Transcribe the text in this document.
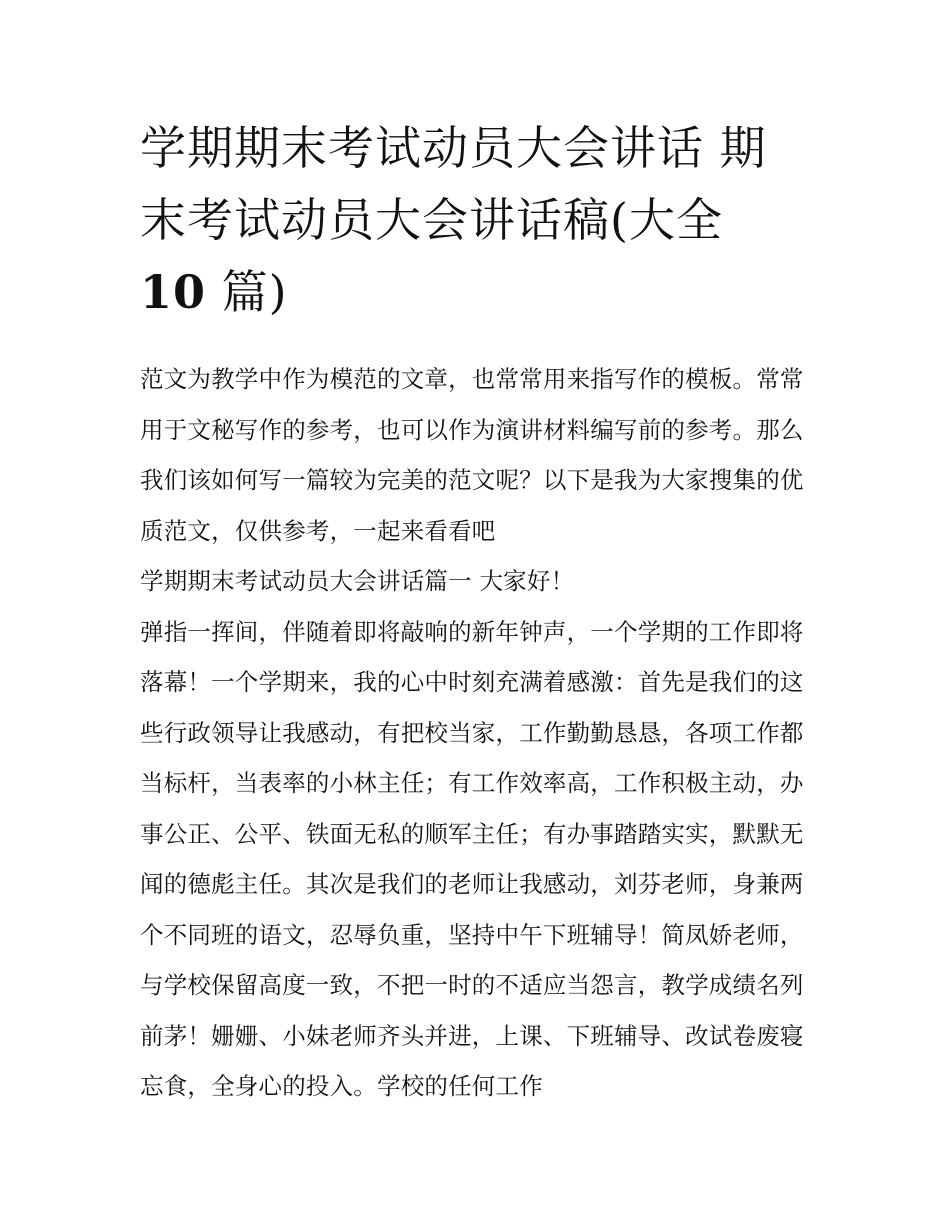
学期期末考试动员大会讲话 期
末考试动员大会讲话稿(大全
10 篇)

范文为教学中作为模范的文章，也常常用来指写作的模板。常常用于文秘写作的参考，也可以作为演讲材料编写前的参考。那么我们该如何写一篇较为完美的范文呢？以下是我为大家搜集的优质范文，仅供参考，一起来看看吧

学期期末考试动员大会讲话篇一 大家好！

弹指一挥间，伴随着即将敲响的新年钟声，一个学期的工作即将落幕！一个学期来，我的心中时刻充满着感激：首先是我们的这些行政领导让我感动，有把校当家，工作勤勤恳恳，各项工作都当标杆，当表率的小林主任；有工作效率高，工作积极主动，办事公正、公平、铁面无私的顺军主任；有办事踏踏实实，默默无闻的德彪主任。其次是我们的老师让我感动，刘芬老师，身兼两个不同班的语文，忍辱负重，坚持中午下班辅导！简凤娇老师，与学校保留高度一致，不把一时的不适应当怨言，教学成绩名列前茅！姗姗、小妹老师齐头并进，上课、下班辅导、改试卷废寝忘食，全身心的投入。学校的任何工作
